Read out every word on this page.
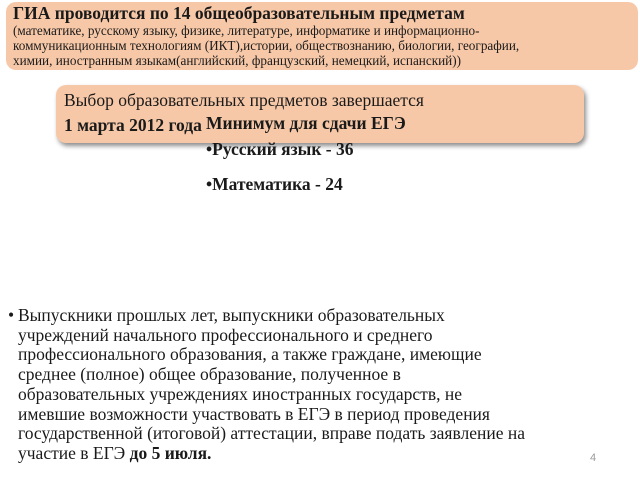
ГИА проводится по 14 общеобразовательным предметам
(математике, русскому языку, физике, литературе, информатике и информационно-
коммуникационным технологиям (ИКТ),истории, обществознанию, биологии, географии,
химии, иностранным языкам(английский, французский, немецкий, испанский))
Выбор образовательных предметов завершается
1 марта 2012 года Минимум для сдачи ЕГЭ
•Русский язык - 36
•Математика - 24
• Выпускники прошлых лет, выпускники образовательных
учреждений начального профессионального и среднего
профессионального образования, а также граждане, имеющие
среднее (полное) общее образование, полученное в
образовательных учреждениях иностранных государств, не
имевшие возможности участвовать в ЕГЭ в период проведения
государственной (итоговой) аттестации, вправе подать заявление на
участие в ЕГЭ до 5 июля.	4
